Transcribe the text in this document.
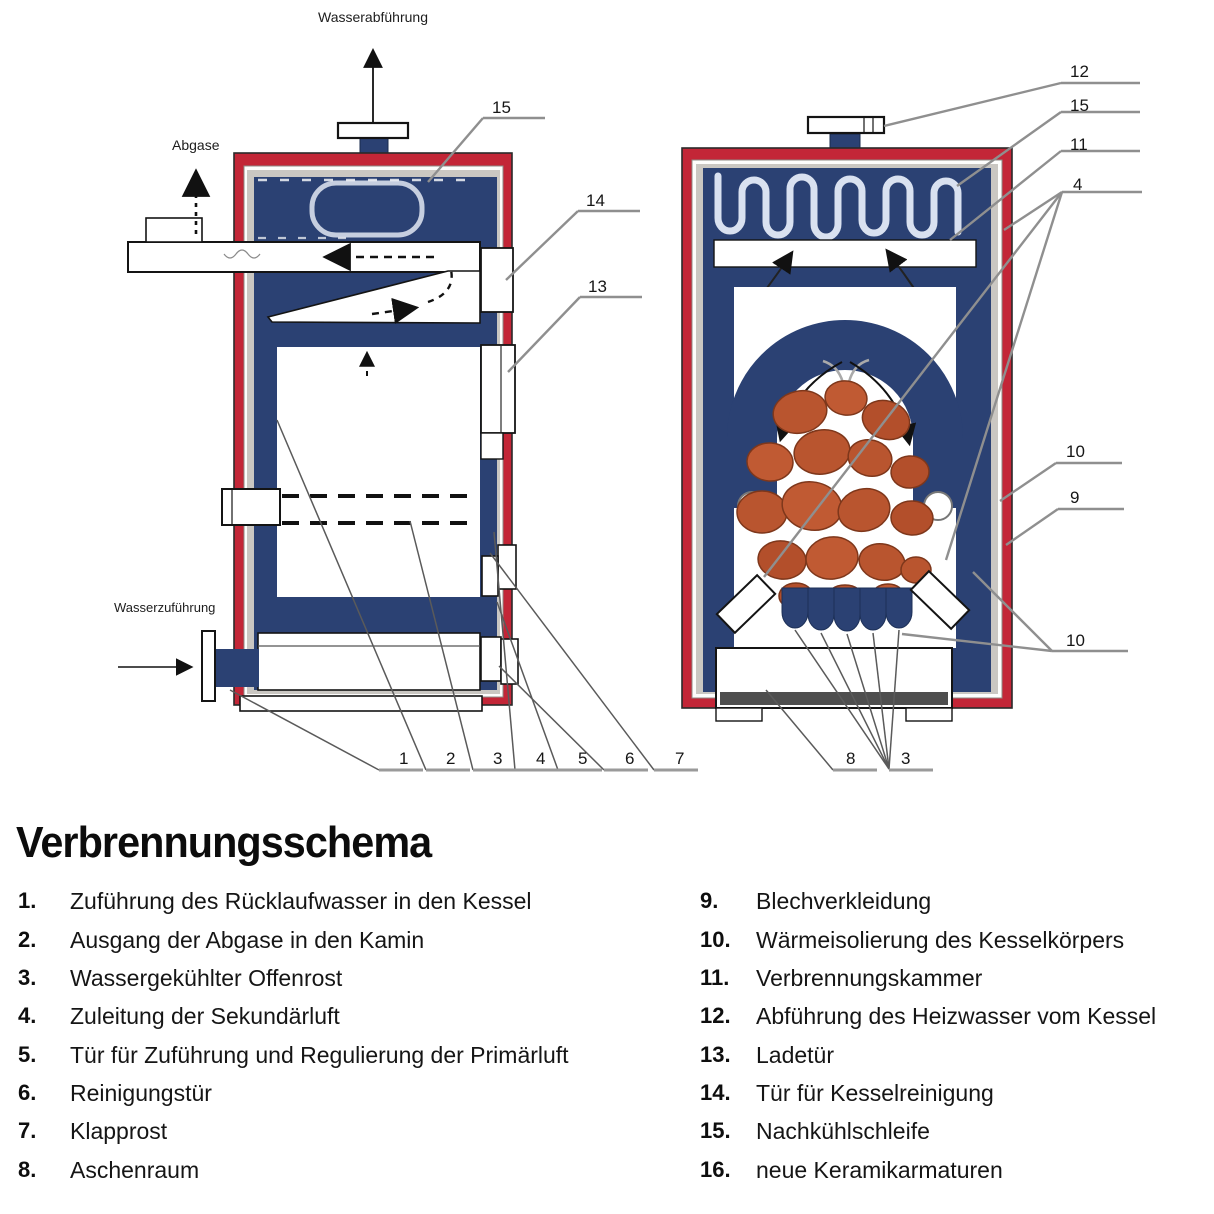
15
14
13
1 2 3 4 5 6 7
12
15
11
4
10
9
10
8	3
Wasserabführung
Abgase
Wasserzuführung
Verbrennungsschema
1. Zuführung des Rücklaufwasser in den Kessel
2. Ausgang der Abgase in den Kamin
3. Wassergekühlter Offenrost
4. Zuleitung der Sekundärluft
5. Tür für Zuführung und Regulierung der Primärluft
6. Reinigungstür
7. Klapprost
8. Aschenraum
9. Blechverkleidung
10. Wärmeisolierung des Kesselkörpers
11. Verbrennungskammer
12. Abführung des Heizwasser vom Kessel
13. Ladetür
14. Tür für Kesselreinigung
15. Nachkühlschleife
16. neue Keramikarmaturen
